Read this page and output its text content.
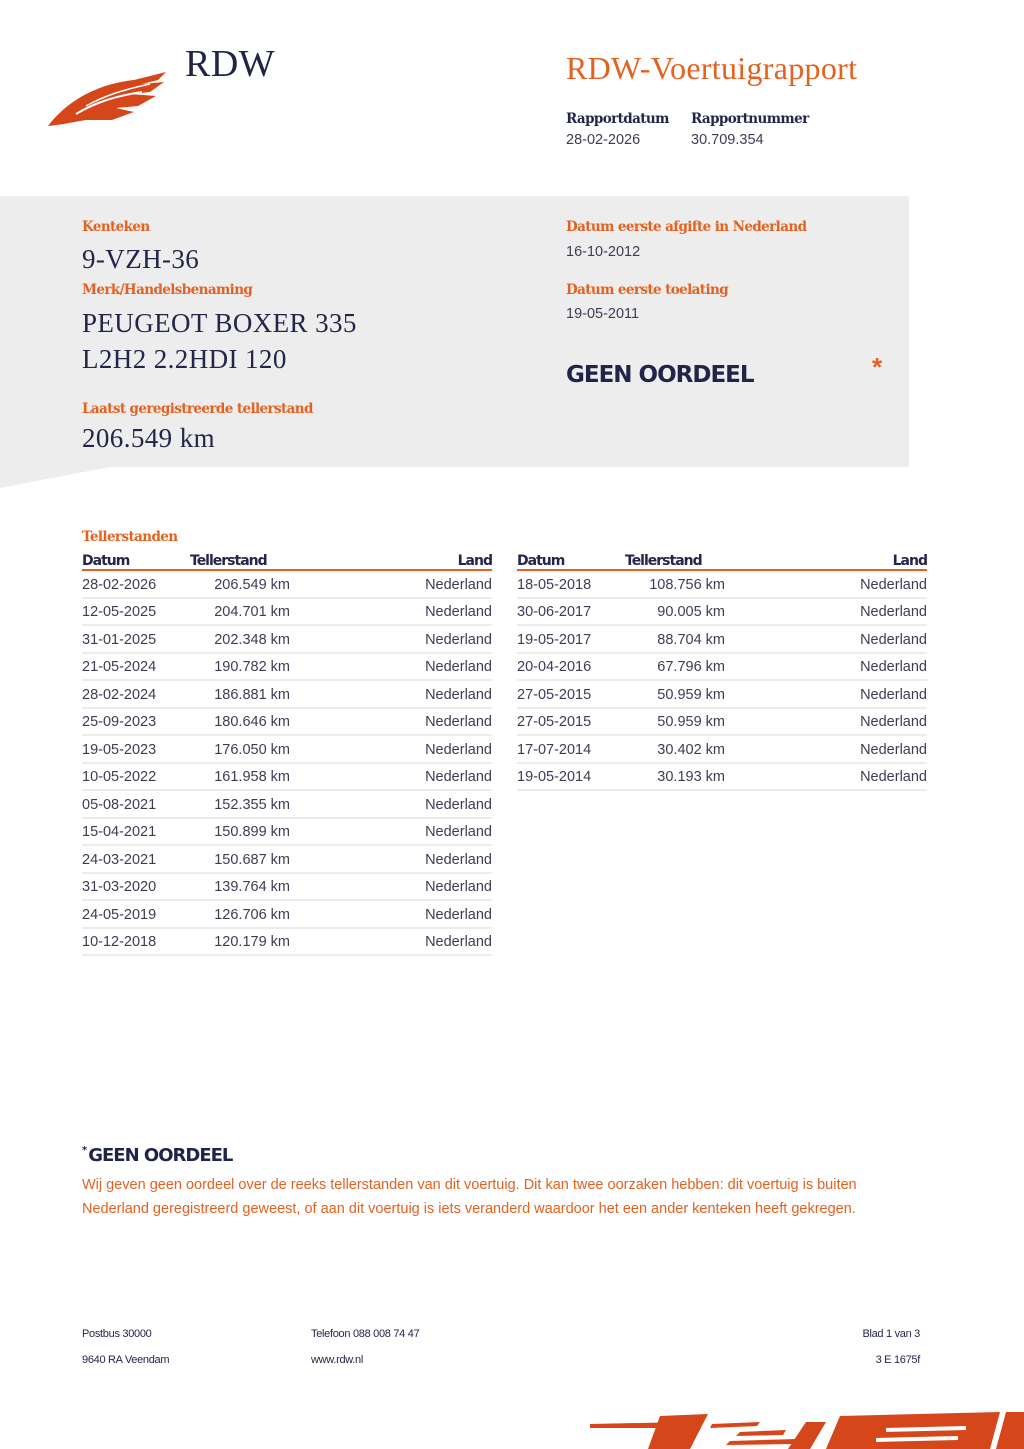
RDW	RDW-Voertuigrapport
Rapportdatum
28-02-2026
Rapportnummer
30.709.354
Kenteken
9-VZH-36
Merk/Handelsbenaming
PEUGEOT BOXER 335
L2H2 2.2HDI 120
Laatst geregistreerde tellerstand
206.549 km
Datum eerste afgifte in Nederland
16-10-2012
Datum eerste toelating
19-05-2011
GEEN OORDEEL	*
Tellerstanden
Datum	Tellerstand	Land
28-02-2026	206.549 km	Nederland
12-05-2025	204.701 km	Nederland
31-01-2025	202.348 km	Nederland
21-05-2024	190.782 km	Nederland
28-02-2024	186.881 km	Nederland
25-09-2023	180.646 km	Nederland
19-05-2023	176.050 km	Nederland
10-05-2022	161.958 km	Nederland
05-08-2021	152.355 km	Nederland
15-04-2021	150.899 km	Nederland
24-03-2021	150.687 km	Nederland
31-03-2020	139.764 km	Nederland
24-05-2019	126.706 km	Nederland
10-12-2018	120.179 km	Nederland
Datum	Tellerstand	Land
18-05-2018	108.756 km	Nederland
30-06-2017	90.005 km	Nederland
19-05-2017	88.704 km	Nederland
20-04-2016	67.796 km	Nederland
27-05-2015	50.959 km	Nederland
27-05-2015	50.959 km	Nederland
17-07-2014	30.402 km	Nederland
19-05-2014	30.193 km	Nederland
* GEEN OORDEEL
Wij geven geen oordeel over de reeks tellerstanden van dit voertuig. Dit kan twee oorzaken hebben: dit voertuig is buiten Nederland geregistreerd geweest, of aan dit voertuig is iets veranderd waardoor het een ander kenteken heeft gekregen.
Postbus 30000
9640 RA Veendam
Telefoon 088 008 74 47
www.rdw.nl
Blad 1 van 3
3 E 1675f
